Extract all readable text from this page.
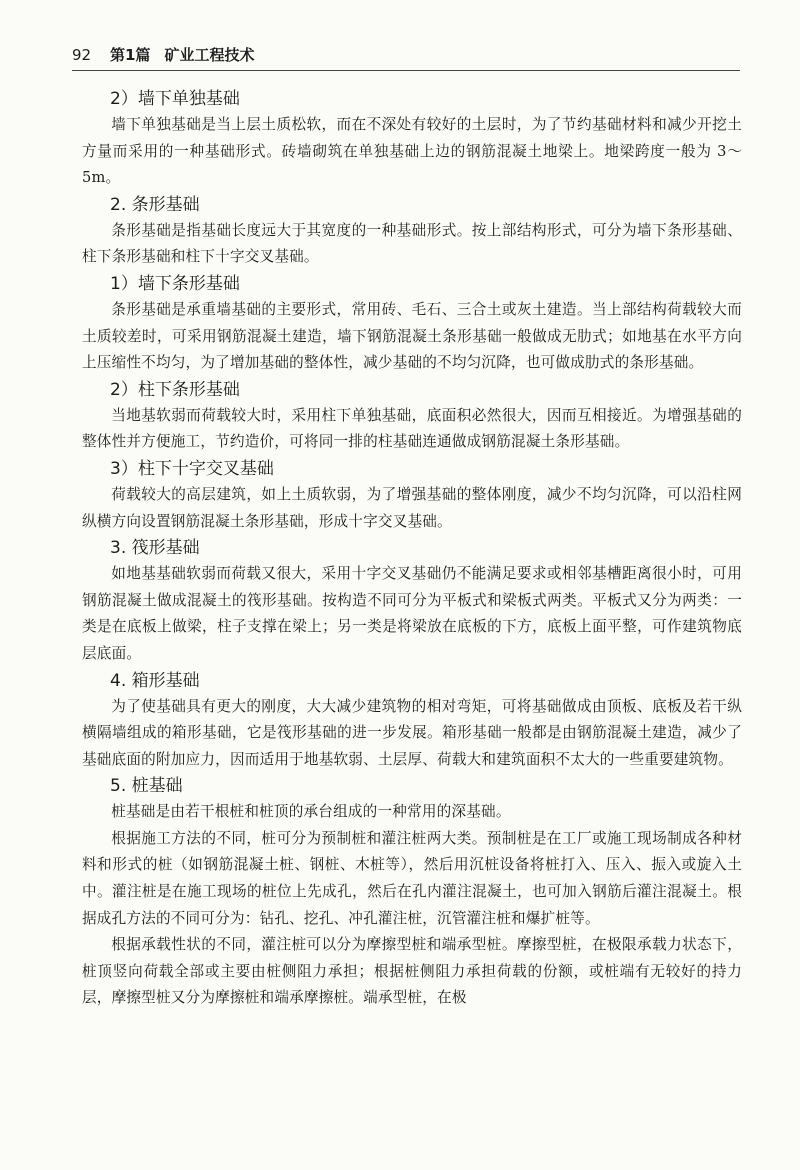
92 第1篇 矿业工程技术
2）墙下单独基础
墙下单独基础是当上层土质松软，而在不深处有较好的土层时，为了节约基础材料和减少开挖土方量而采用的一种基础形式。砖墙砌筑在单独基础上边的钢筋混凝土地梁上。地梁跨度一般为 3～5m。
2. 条形基础
条形基础是指基础长度远大于其宽度的一种基础形式。按上部结构形式，可分为墙下条形基础、柱下条形基础和柱下十字交叉基础。
1）墙下条形基础
条形基础是承重墙基础的主要形式，常用砖、毛石、三合土或灰土建造。当上部结构荷载较大而土质较差时，可采用钢筋混凝土建造，墙下钢筋混凝土条形基础一般做成无肋式；如地基在水平方向上压缩性不均匀，为了增加基础的整体性，减少基础的不均匀沉降，也可做成肋式的条形基础。
2）柱下条形基础
当地基软弱而荷载较大时，采用柱下单独基础，底面积必然很大，因而互相接近。为增强基础的整体性并方便施工，节约造价，可将同一排的柱基础连通做成钢筋混凝土条形基础。
3）柱下十字交叉基础
荷载较大的高层建筑，如上土质软弱，为了增强基础的整体刚度，减少不均匀沉降，可以沿柱网纵横方向设置钢筋混凝土条形基础，形成十字交叉基础。
3. 筏形基础
如地基基础软弱而荷载又很大，采用十字交叉基础仍不能满足要求或相邻基槽距离很小时，可用钢筋混凝土做成混凝土的筏形基础。按构造不同可分为平板式和梁板式两类。平板式又分为两类：一类是在底板上做梁，柱子支撑在梁上；另一类是将梁放在底板的下方，底板上面平整，可作建筑物底层底面。
4. 箱形基础
为了使基础具有更大的刚度，大大减少建筑物的相对弯矩，可将基础做成由顶板、底板及若干纵横隔墙组成的箱形基础，它是筏形基础的进一步发展。箱形基础一般都是由钢筋混凝土建造，减少了基础底面的附加应力，因而适用于地基软弱、土层厚、荷载大和建筑面积不太大的一些重要建筑物。
5. 桩基础
桩基础是由若干根桩和桩顶的承台组成的一种常用的深基础。
根据施工方法的不同，桩可分为预制桩和灌注桩两大类。预制桩是在工厂或施工现场制成各种材料和形式的桩（如钢筋混凝土桩、钢桩、木桩等），然后用沉桩设备将桩打入、压入、振入或旋入土中。灌注桩是在施工现场的桩位上先成孔，然后在孔内灌注混凝土，也可加入钢筋后灌注混凝土。根据成孔方法的不同可分为：钻孔、挖孔、冲孔灌注桩，沉管灌注桩和爆扩桩等。
根据承载性状的不同，灌注桩可以分为摩擦型桩和端承型桩。摩擦型桩，在极限承载力状态下，桩顶竖向荷载全部或主要由桩侧阻力承担；根据桩侧阻力承担荷载的份额，或桩端有无较好的持力层，摩擦型桩又分为摩擦桩和端承摩擦桩。端承型桩，在极
